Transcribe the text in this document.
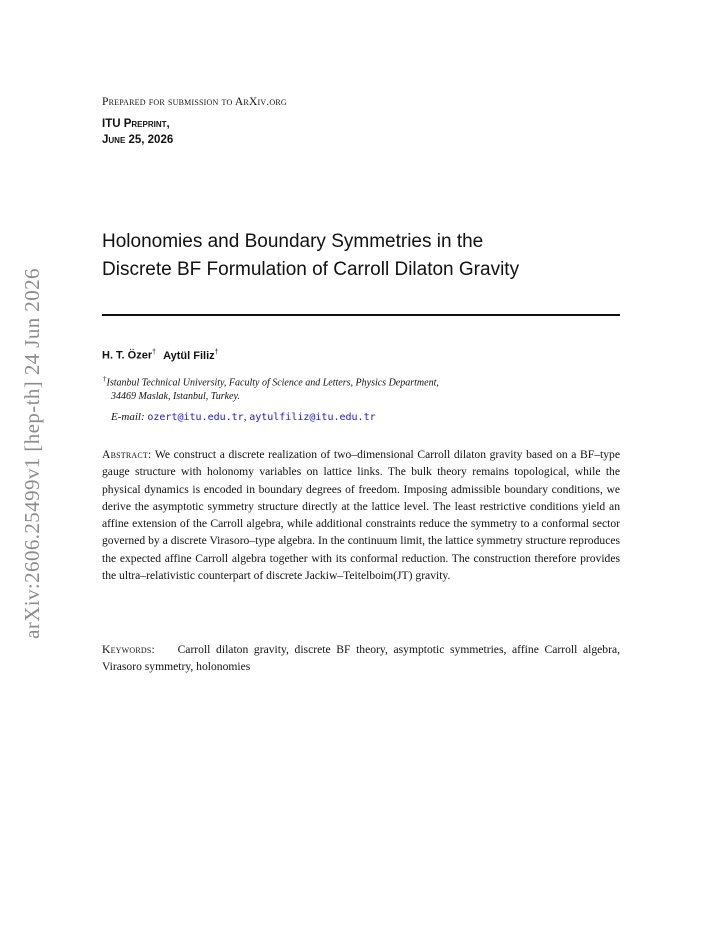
arXiv:2606.25499v1 [hep-th] 24 Jun 2026
Prepared for submission to ArXiv.org
ITU Preprint,
June 25, 2026
Holonomies and Boundary Symmetries in the
Discrete BF Formulation of Carroll Dilaton Gravity
H. T. Özer† Aytül Filiz†
†Istanbul Technical University, Faculty of Science and Letters, Physics Department,
34469 Maslak, Istanbul, Turkey.
E-mail: ozert@itu.edu.tr, aytulfiliz@itu.edu.tr

Abstract: We construct a discrete realization of two–dimensional Carroll dilaton gravity based on a BF–type gauge structure with holonomy variables on lattice links. The bulk theory remains topological, while the physical dynamics is encoded in boundary degrees of freedom. Imposing admissible boundary conditions, we derive the asymptotic symmetry structure directly at the lattice level. The least restrictive conditions yield an affine extension of the Carroll algebra, while additional constraints reduce the symmetry to a conformal sector governed by a discrete Virasoro–type algebra. In the continuum limit, the lattice symmetry structure reproduces the expected affine Carroll algebra together with its conformal reduction. The construction therefore provides the ultra–relativistic counterpart of discrete Jackiw–Teitelboim(JT) gravity.

Keywords: Carroll dilaton gravity, discrete BF theory, asymptotic symmetries, affine Carroll algebra, Virasoro symmetry, holonomies
